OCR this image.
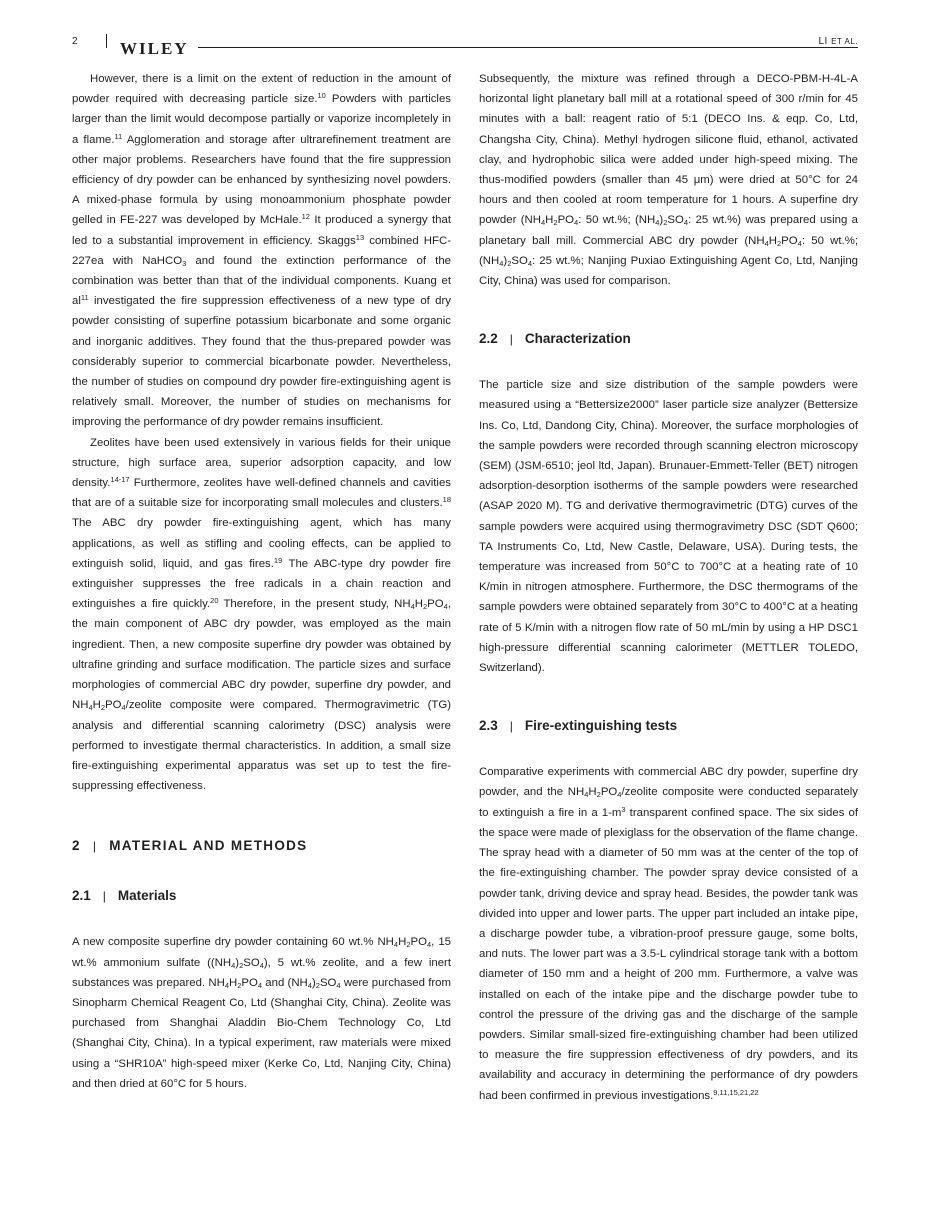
2 WILEY	LI ET AL.

However, there is a limit on the extent of reduction in the amount of powder required with decreasing particle size.$^{10}$ Powders with particles larger than the limit would decompose partially or vaporize incompletely in a flame.$^{11}$ Agglomeration and storage after ultrarefinement treatment are other major problems. Researchers have found that the fire suppression efficiency of dry powder can be enhanced by synthesizing novel powders. A mixed-phase formula by using monoammonium phosphate powder gelled in FE-227 was developed by McHale.$^{12}$ It produced a synergy that led to a substantial improvement in efficiency. Skaggs$^{13}$ combined HFC-227ea with NaHCO$_3$ and found the extinction performance of the combination was better than that of the individual components. Kuang et $al^{11}$ investigated the fire suppression effectiveness of a new type of dry powder consisting of superfine potassium bicarbonate and some organic and inorganic additives. They found that the thus-prepared powder was considerably superior to commercial bicarbonate powder. Nevertheless, the number of studies on compound dry powder fire-extinguishing agent is relatively small. Moreover, the number of studies on mechanisms for improving the performance of dry powder remains insufficient.

Zeolites have been used extensively in various fields for their unique structure, high surface area, superior adsorption capacity, and low density.$^{14-17}$ Furthermore, zeolites have well-defined channels and cavities that are of a suitable size for incorporating small molecules and clusters.$^{18}$ The ABC dry powder fire-extinguishing agent, which has many applications, as well as stifling and cooling effects, can be applied to extinguish solid, liquid, and gas fires.$^{19}$ The ABC-type dry powder fire extinguisher suppresses the free radicals in a chain reaction and extinguishes a fire quickly.$^{20}$ Therefore, in the present study, $NH_4H_2PO_4$, the main component of ABC dry powder, was employed as the main ingredient. Then, a new composite superfine dry powder was obtained by ultrafine grinding and surface modification. The particle sizes and surface morphologies of commercial ABC dry powder, superfine dry powder, and $NH_4H_2PO_4$/zeolite composite were compared. Thermogravimetric (TG) analysis and differential scanning calorimetry (DSC) analysis were performed to investigate thermal characteristics. In addition, a small size fire-extinguishing experimental apparatus was set up to test the fire-suppressing effectiveness.

2 | MATERIAL AND METHODS
2.1 | Materials

A new composite superfine dry powder containing 60 wt.% $NH_4H_2PO_4$, 15 wt.% ammonium sulfate $((NH_4)_2SO_4)$, 5 wt.% zeolite, and a few inert substances was prepared. $NH_4H_2PO_4$ and $(NH_4)_2SO_4$ were purchased from Sinopharm Chemical Reagent Co, Ltd (Shanghai City, China). Zeolite was purchased from Shanghai Aladdin Bio-Chem Technology Co, Ltd (Shanghai City, China). In a typical experiment, raw materials were mixed using a “SHR10A” high-speed mixer (Kerke Co, Ltd, Nanjing City, China) and then dried at 60°C for 5 hours.

Subsequently, the mixture was refined through a DECO-PBM-H-4L-A horizontal light planetary ball mill at a rotational speed of 300 r/min for 45 minutes with a ball: reagent ratio of 5:1 (DECO Ins. & eqp. Co, Ltd, Changsha City, China). Methyl hydrogen silicone fluid, ethanol, activated clay, and hydrophobic silica were added under high-speed mixing. The thus-modified powders (smaller than 45 μm) were dried at 50°C for 24 hours and then cooled at room temperature for 1 hours. A superfine dry powder ($NH_4H_2PO_4$: 50 wt.%; $(NH_4)_2SO_4$: 25 wt.%) was prepared using a planetary ball mill. Commercial ABC dry powder ($NH_4H_2PO_4$: 50 wt.%; $(NH_4)_2SO_4$: 25 wt.%; Nanjing Puxiao Extinguishing Agent Co, Ltd, Nanjing City, China) was used for comparison.

2.2 | Characterization

The particle size and size distribution of the sample powders were measured using a “Bettersize2000” laser particle size analyzer (Bettersize Ins. Co, Ltd, Dandong City, China). Moreover, the surface morphologies of the sample powders were recorded through scanning electron microscopy (SEM) (JSM-6510; jeol ltd, Japan). Brunauer-Emmett-Teller (BET) nitrogen adsorption-desorption isotherms of the sample powders were researched (ASAP 2020 M). TG and derivative thermogravimetric (DTG) curves of the sample powders were acquired using thermogravimetry DSC (SDT Q600; TA Instruments Co, Ltd, New Castle, Delaware, USA). During tests, the temperature was increased from 50°C to 700°C at a heating rate of 10 K/min in nitrogen atmosphere. Furthermore, the DSC thermograms of the sample powders were obtained separately from 30°C to 400°C at a heating rate of 5 K/min with a nitrogen flow rate of 50 mL/min by using a HP DSC1 high-pressure differential scanning calorimeter (METTLER TOLEDO, Switzerland).

2.3 | Fire-extinguishing tests

Comparative experiments with commercial ABC dry powder, superfine dry powder, and the $NH_4H_2PO_4$/zeolite composite were conducted separately to extinguish a fire in a $1-m^3$ transparent confined space. The six sides of the space were made of plexiglass for the observation of the flame change. The spray head with a diameter of 50 mm was at the center of the top of the fire-extinguishing chamber. The powder spray device consisted of a powder tank, driving device and spray head. Besides, the powder tank was divided into upper and lower parts. The upper part included an intake pipe, a discharge powder tube, a vibration-proof pressure gauge, some bolts, and nuts. The lower part was a 3.5-L cylindrical storage tank with a bottom diameter of 150 mm and a height of 200 mm. Furthermore, a valve was installed on each of the intake pipe and the discharge powder tube to control the pressure of the driving gas and the discharge of the sample powders. Similar small-sized fire-extinguishing chamber had been utilized to measure the fire suppression effectiveness of dry powders, and its availability and accuracy in determining the performance of dry powders had been confirmed in previous investigations.$^{9,11,15,21,22}$
